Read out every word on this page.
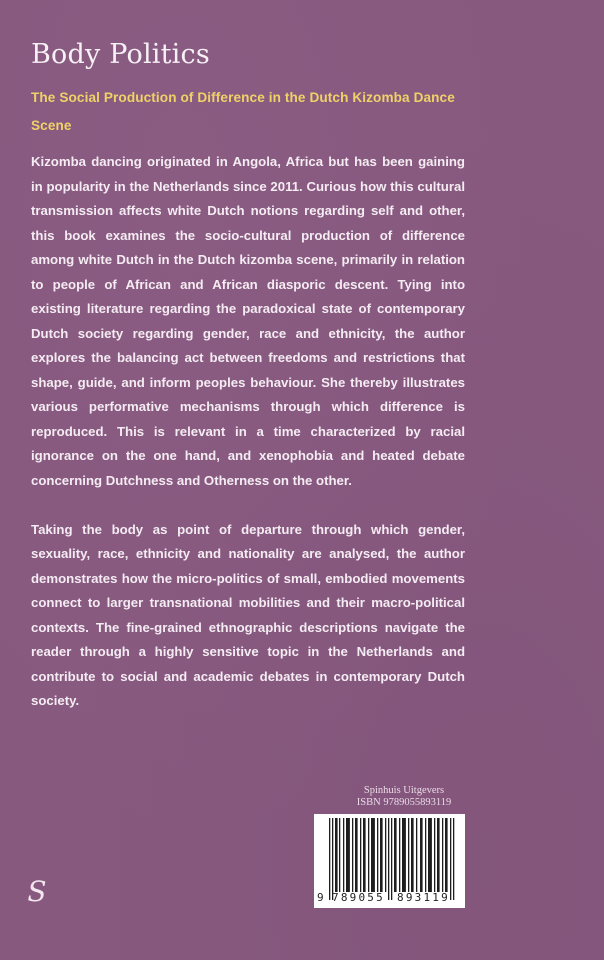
Body Politics
The Social Production of Difference in the Dutch Kizomba Dance Scene

Kizomba dancing originated in Angola, Africa but has been gaining in popularity in the Netherlands since 2011. Curious how this cultural transmission affects white Dutch notions regarding self and other, this book examines the socio-cultural production of difference among white Dutch in the Dutch kizomba scene, primarily in relation to people of African and African diasporic descent. Tying into existing literature regarding the paradoxical state of contemporary Dutch society regarding gender, race and ethnicity, the author explores the balancing act between freedoms and restrictions that shape, guide, and inform peoples behaviour. She thereby illustrates various performative mechanisms through which difference is reproduced. This is relevant in a time characterized by racial ignorance on the one hand, and xenophobia and heated debate concerning Dutchness and Otherness on the other.

Taking the body as point of departure through which gender, sexuality, race, ethnicity and nationality are analysed, the author demonstrates how the micro-politics of small, embodied movements connect to larger transnational mobilities and their macro-political contexts. The fine-grained ethnographic descriptions navigate the reader through a highly sensitive topic in the Netherlands and contribute to social and academic debates in contemporary Dutch society.

Spinhuis Uitgevers
ISBN 9789055893119
9 789055 893119
S
